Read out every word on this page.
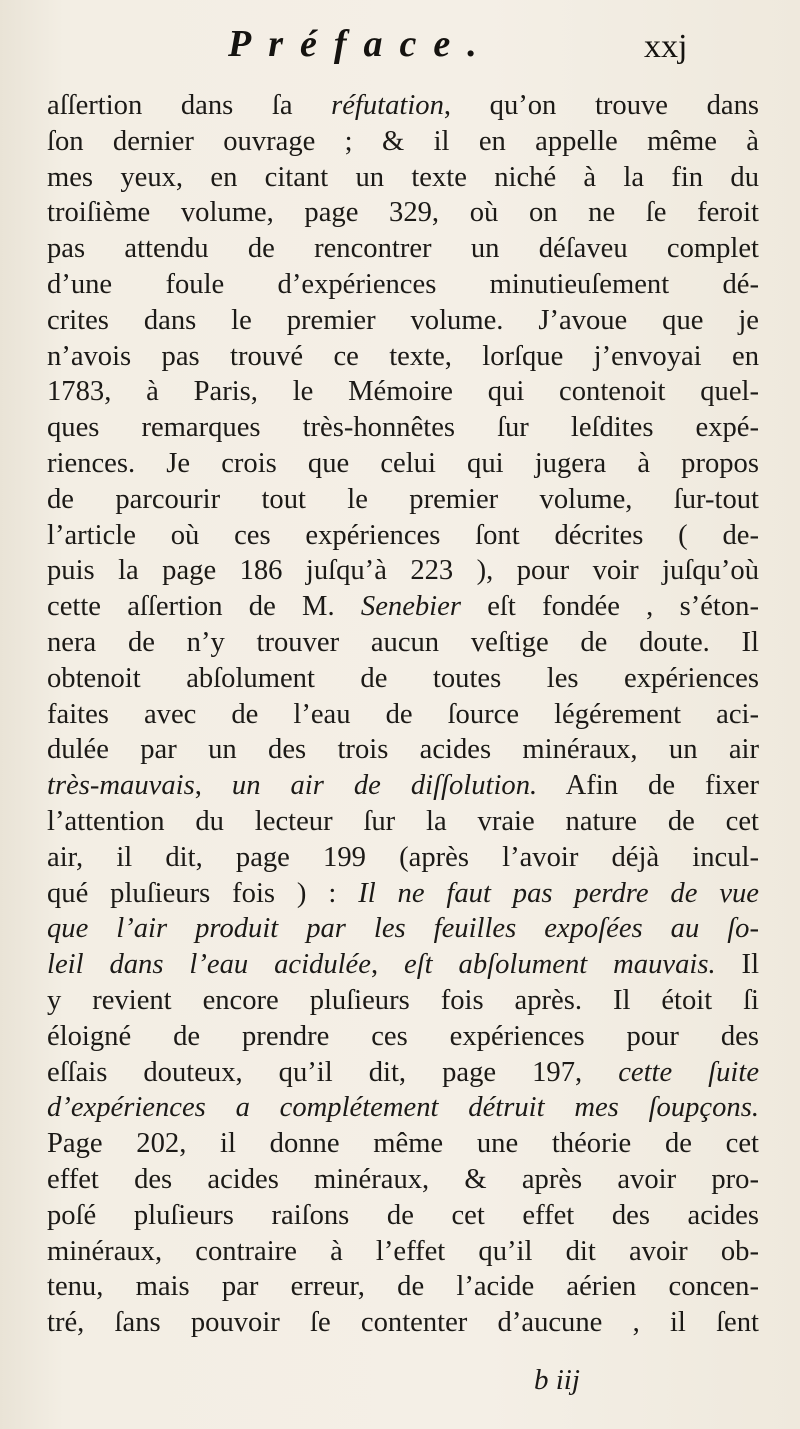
Préface.	xxj
aſſertion dans ſa réfutation, qu’on trouve dans
ſon dernier ouvrage ; & il en appelle même à
mes yeux, en citant un texte niché à la fin du
troiſième volume, page 329, où on ne ſe feroit
pas attendu de rencontrer un déſaveu complet
d’une foule d’expériences minutieuſement dé-
crites dans le premier volume. J’avoue que je
n’avois pas trouvé ce texte, lorſque j’envoyai en
1783, à Paris, le Mémoire qui contenoit quel-
ques remarques très-honnêtes ſur leſdites expé-
riences. Je crois que celui qui jugera à propos
de parcourir tout le premier volume, ſur-tout
l’article où ces expériences ſont décrites ( de-
puis la page 186 juſqu’à 223 ), pour voir juſqu’où
cette aſſertion de M. Senebier eſt fondée , s’éton-
nera de n’y trouver aucun veſtige de doute. Il
obtenoit abſolument de toutes les expériences
faites avec de l’eau de ſource légérement aci-
dulée par un des trois acides minéraux, un air
très-mauvais, un air de diſſolution. Afin de fixer
l’attention du lecteur ſur la vraie nature de cet
air, il dit, page 199 (après l’avoir déjà incul-
qué pluſieurs fois ) : Il ne faut pas perdre de vue
que l’air produit par les feuilles expoſées au ſo-
leil dans l’eau acidulée, eſt abſolument mauvais. Il
y revient encore pluſieurs fois après. Il étoit ſi
éloigné de prendre ces expériences pour des
eſſais douteux, qu’il dit, page 197, cette ſuite
d’expériences a complétement détruit mes ſoupçons.
Page 202, il donne même une théorie de cet
effet des acides minéraux, & après avoir pro-
poſé pluſieurs raiſons de cet effet des acides
minéraux, contraire à l’effet qu’il dit avoir ob-
tenu, mais par erreur, de l’acide aérien concen-
tré, ſans pouvoir ſe contenter d’aucune , il ſent
b iij
